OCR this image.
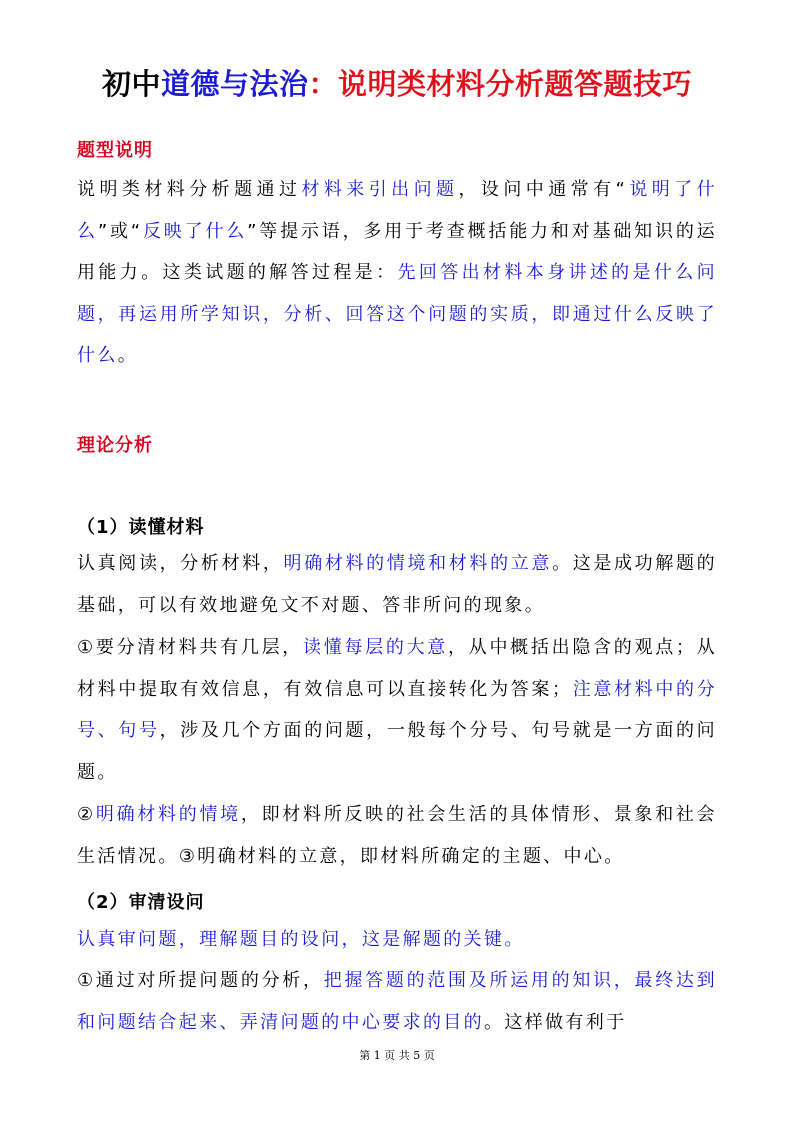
初中道德与法治：说明类材料分析题答题技巧
题型说明

说明类材料分析题通过材料来引出问题，设问中通常有“说明了什么”或“反映了什么”等提示语，多用于考查概括能力和对基础知识的运用能力。这类试题的解答过程是：先回答出材料本身讲述的是什么问题，再运用所学知识，分析、回答这个问题的实质，即通过什么反映了什么。

理论分析
（1）读懂材料

认真阅读，分析材料，明确材料的情境和材料的立意。这是成功解题的基础，可以有效地避免文不对题、答非所问的现象。

①要分清材料共有几层，读懂每层的大意，从中概括出隐含的观点；从材料中提取有效信息，有效信息可以直接转化为答案；注意材料中的分号、句号，涉及几个方面的问题，一般每个分号、句号就是一方面的问题。

②明确材料的情境，即材料所反映的社会生活的具体情形、景象和社会生活情况。③明确材料的立意，即材料所确定的主题、中心。

（2）审清设问

认真审问题，理解题目的设问，这是解题的关键。

①通过对所提问题的分析，把握答题的范围及所运用的知识，最终达到和问题结合起来、弄清问题的中心要求的目的。这样做有利于

第 1 页 共 5 页
